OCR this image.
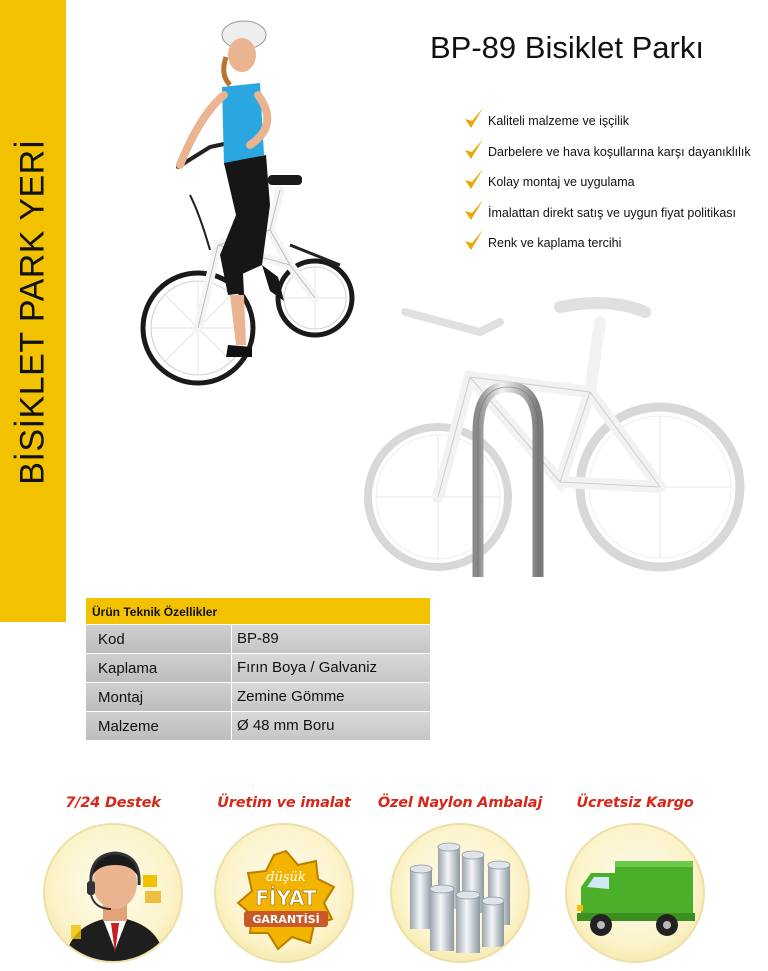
BİSİKLET PARK YERİ
BP-89 Bisiklet Parkı
Kaliteli malzeme ve işçilik
Darbelere ve hava koşullarına karşı dayanıklılık
Kolay montaj ve uygulama
İmalattan direkt satış ve uygun fiyat politikası
Renk ve kaplama tercihi
Ürün Teknik Özellikler
Kod	BP-89
Kaplama	Fırın Boya / Galvaniz
Montaj	Zemine Gömme
Malzeme	Ø 48 mm Boru
7/24 Destek	Üretim ve imalat
düşük
FİYAT
GARANTİSİ
Özel Naylon Ambalaj	Ücretsiz Kargo
